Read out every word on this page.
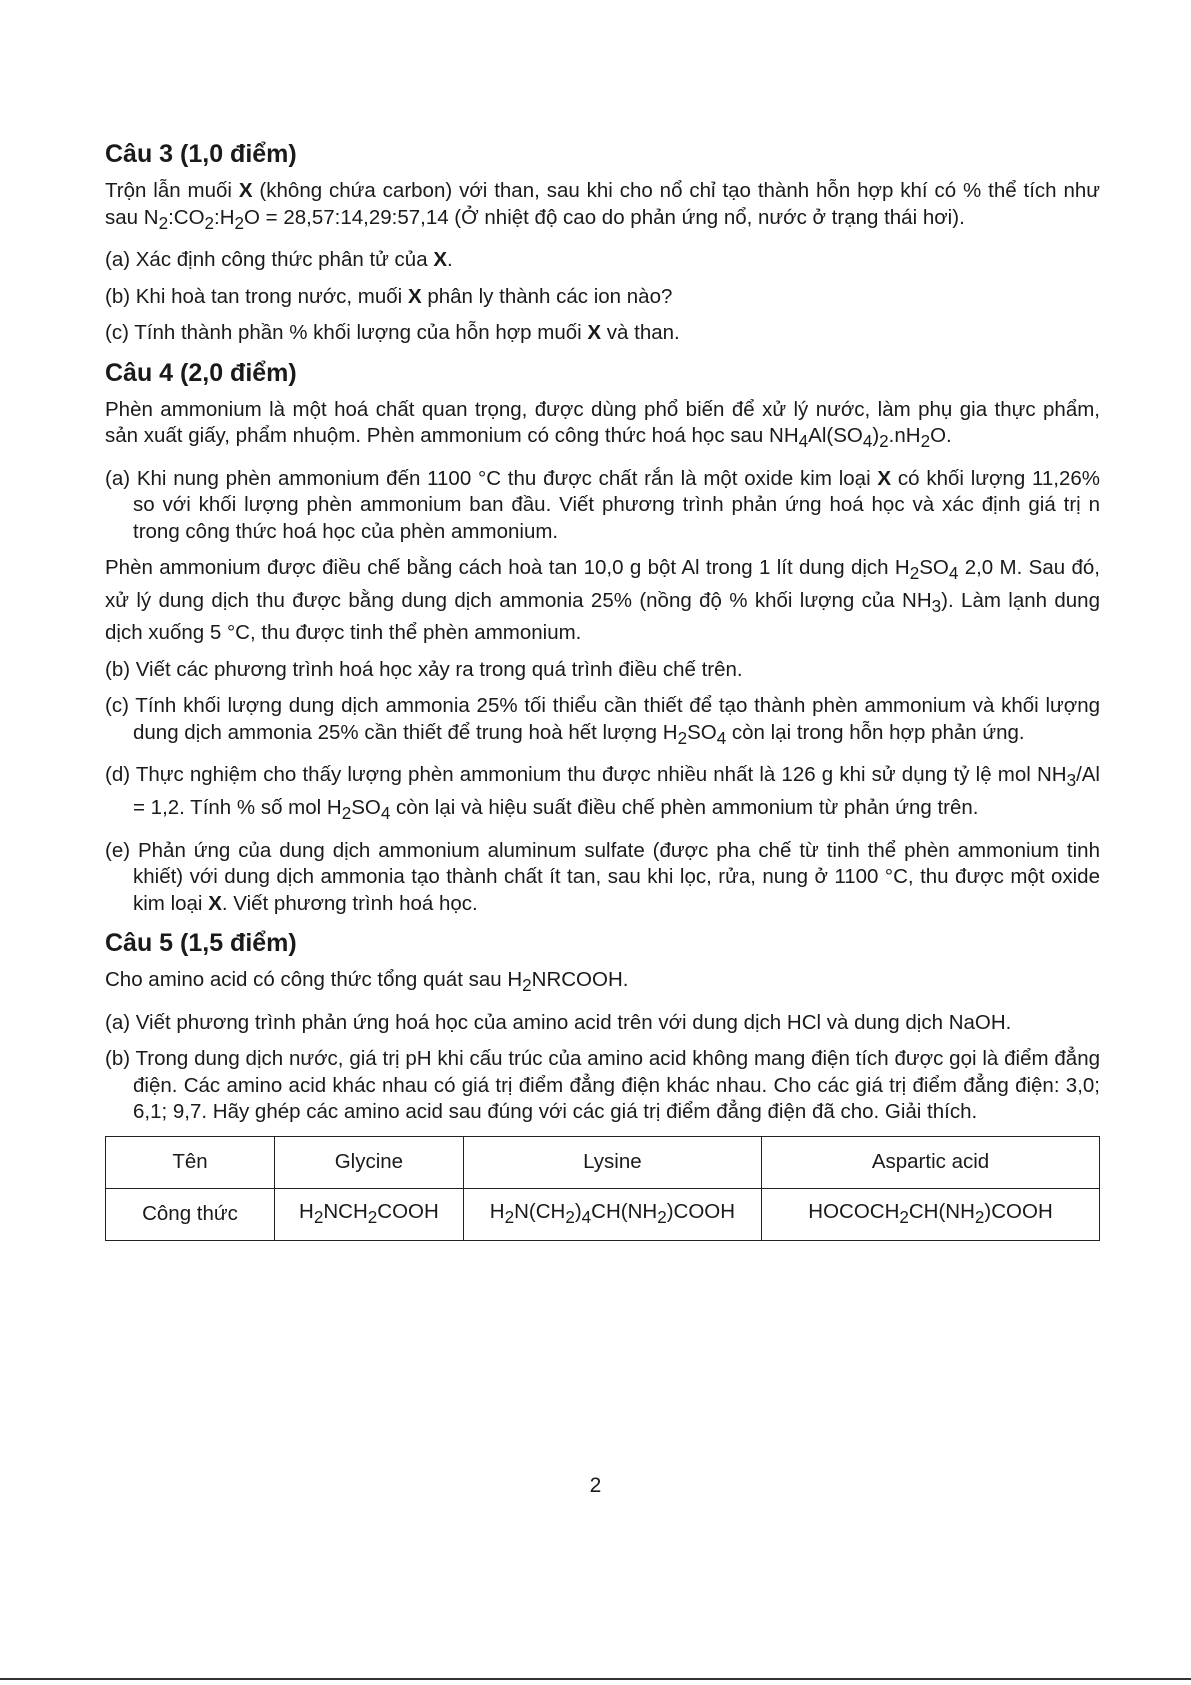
Câu 3 (1,0 điểm)

Trộn lẫn muối X (không chứa carbon) với than, sau khi cho nổ chỉ tạo thành hỗn hợp khí có % thể tích như sau $N_2:CO_2:H_2O$ = 28,57:14,29:57,14 (Ở nhiệt độ cao do phản ứng nổ, nước ở trạng thái hơi).

(a) Xác định công thức phân tử của X.

(b) Khi hoà tan trong nước, muối X phân ly thành các ion nào?

(c) Tính thành phần % khối lượng của hỗn hợp muối X và than.

Câu 4 (2,0 điểm)

Phèn ammonium là một hoá chất quan trọng, được dùng phổ biến để xử lý nước, làm phụ gia thực phẩm, sản xuất giấy, phẩm nhuộm. Phèn ammonium có công thức hoá học sau $NH_4Al(SO_4)_2.nH_2O$.

(a) Khi nung phèn ammonium đến 1100 °C thu được chất rắn là một oxide kim loại X có khối lượng 11,26% so với khối lượng phèn ammonium ban đầu. Viết phương trình phản ứng hoá học và xác định giá trị n trong công thức hoá học của phèn ammonium.

Phèn ammonium được điều chế bằng cách hoà tan 10,0 g bột Al trong 1 lít dung dịch $H_2SO_4$ 2,0 M. Sau đó, xử lý dung dịch thu được bằng dung dịch ammonia 25% (nồng độ % khối lượng của $NH_3$). Làm lạnh dung dịch xuống 5 °C, thu được tinh thể phèn ammonium.

(b) Viết các phương trình hoá học xảy ra trong quá trình điều chế trên.

(c) Tính khối lượng dung dịch ammonia 25% tối thiểu cần thiết để tạo thành phèn ammonium và khối lượng dung dịch ammonia 25% cần thiết để trung hoà hết lượng $H_2SO_4$ còn lại trong hỗn hợp phản ứng.

(d) Thực nghiệm cho thấy lượng phèn ammonium thu được nhiều nhất là 126 g khi sử dụng tỷ lệ mol $NH_3/Al = 1,2$. Tính % số mol $H_2SO_4$ còn lại và hiệu suất điều chế phèn ammonium từ phản ứng trên.

(e) Phản ứng của dung dịch ammonium aluminum sulfate (được pha chế từ tinh thể phèn ammonium tinh khiết) với dung dịch ammonia tạo thành chất ít tan, sau khi lọc, rửa, nung ở 1100 °C, thu được một oxide kim loại X. Viết phương trình hoá học.

Câu 5 (1,5 điểm)

Cho amino acid có công thức tổng quát sau $H_2NRCOOH$.

(a) Viết phương trình phản ứng hoá học của amino acid trên với dung dịch HCl và dung dịch NaOH.

(b) Trong dung dịch nước, giá trị pH khi cấu trúc của amino acid không mang điện tích được gọi là điểm đẳng điện. Các amino acid khác nhau có giá trị điểm đẳng điện khác nhau. Cho các giá trị điểm đẳng điện: 3,0; 6,1; 9,7. Hãy ghép các amino acid sau đúng với các giá trị điểm đẳng điện đã cho. Giải thích.

Tên	Glycine	Lysine	Aspartic acid
Công thức	$H_2NCH_2COOH$	$H_2N(CH_2)_4CH(NH_2)COOH$	$HOCOCH_2CH(NH_2)COOH$
2
